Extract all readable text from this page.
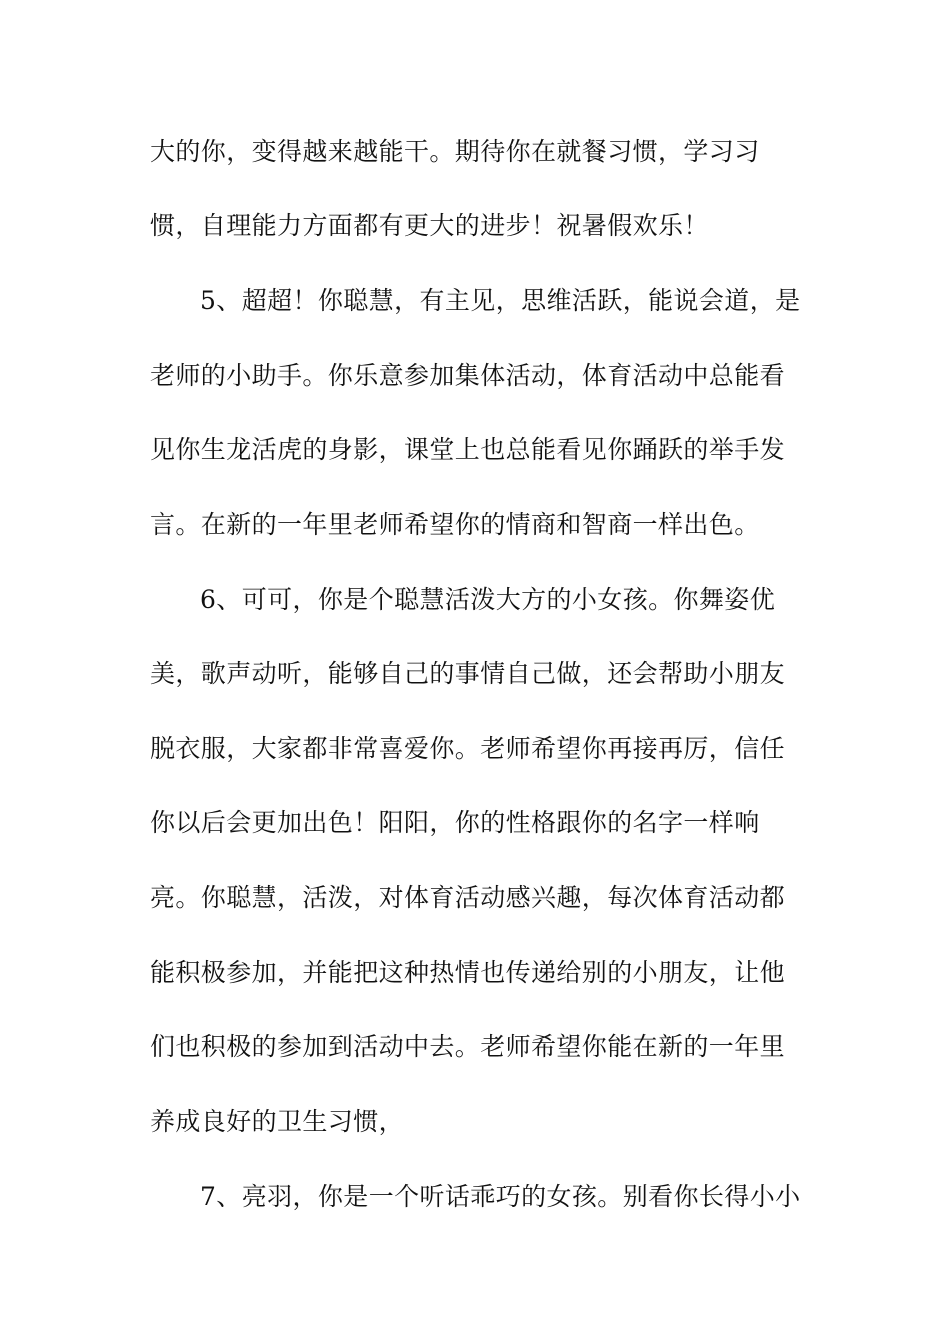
大的你，变得越来越能干。期待你在就餐习惯，学习习
惯，自理能力方面都有更大的进步！祝暑假欢乐！
5、超超！你聪慧，有主见，思维活跃，能说会道，是
老师的小助手。你乐意参加集体活动，体育活动中总能看
见你生龙活虎的身影，课堂上也总能看见你踊跃的举手发
言。在新的一年里老师希望你的情商和智商一样出色。
6、可可，你是个聪慧活泼大方的小女孩。你舞姿优
美，歌声动听，能够自己的事情自己做，还会帮助小朋友
脱衣服，大家都非常喜爱你。老师希望你再接再厉，信任
你以后会更加出色！阳阳，你的性格跟你的名字一样响
亮。你聪慧，活泼，对体育活动感兴趣，每次体育活动都
能积极参加，并能把这种热情也传递给别的小朋友，让他
们也积极的参加到活动中去。老师希望你能在新的一年里
养成良好的卫生习惯，
7、亮羽，你是一个听话乖巧的女孩。别看你长得小小
